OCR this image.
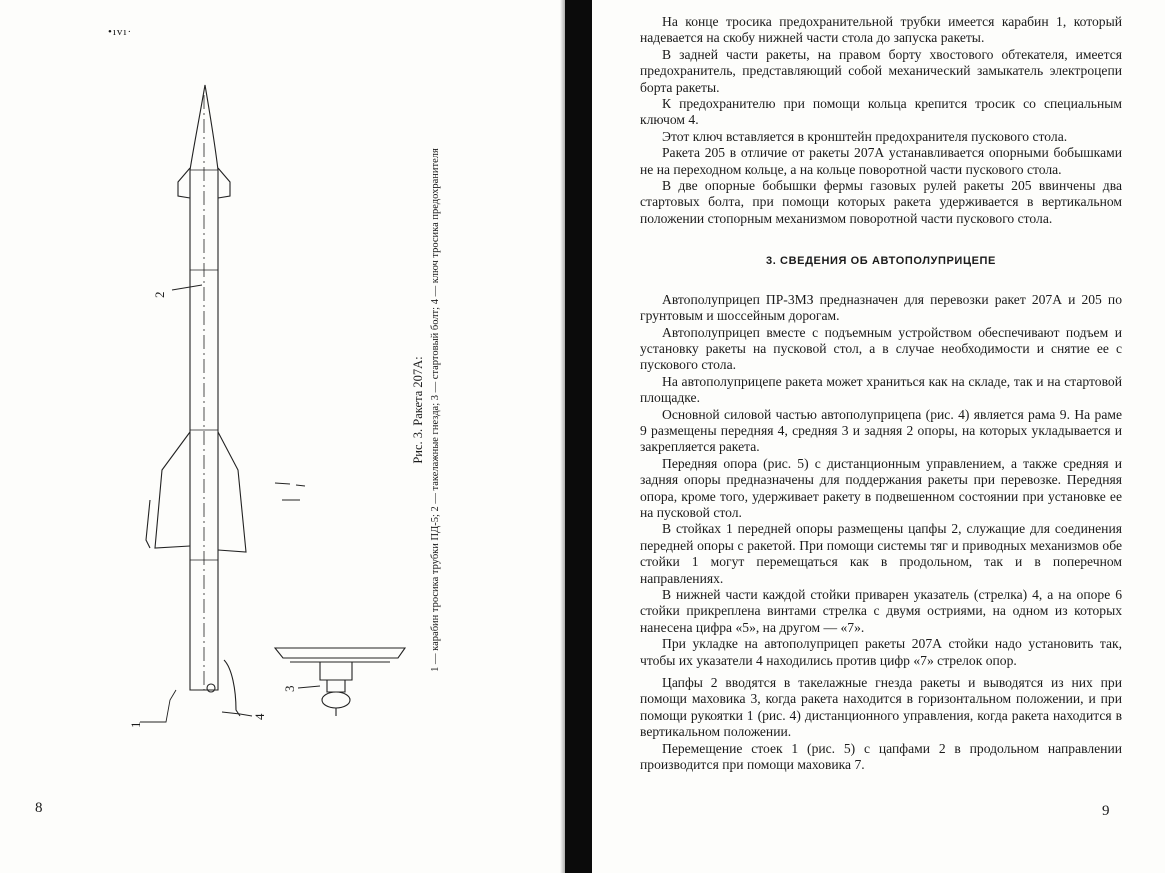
•ıvı·
2
1
4
3
Рис. 3. Ракета 207А: 1 — карабин тросика трубки ПД-5; 2 — такелажные гнезда; 3 — стартовый болт; 4 — ключ тросика предохранителя
8

На конце тросика предохранительной трубки имеется карабин 1, который надевается на скобу нижней части стола до запуска ракеты.

В задней части ракеты, на правом борту хвостового обтекателя, имеется предохранитель, представляющий собой механический замыкатель электроцепи борта ракеты.

К предохранителю при помощи кольца крепится тросик со специальным ключом 4.

Этот ключ вставляется в кронштейн предохранителя пускового стола.

Ракета 205 в отличие от ракеты 207А устанавливается опорными бобышками не на переходном кольце, а на кольце поворотной части пускового стола.

В две опорные бобышки фермы газовых рулей ракеты 205 ввинчены два стартовых болта, при помощи которых ракета удерживается в вертикальном положении стопорным механизмом поворотной части пускового стола.

3. СВЕДЕНИЯ ОБ АВТОПОЛУПРИЦЕПЕ

Автополуприцеп ПР-3МЗ предназначен для перевозки ракет 207А и 205 по грунтовым и шоссейным дорогам.

Автополуприцеп вместе с подъемным устройством обеспечивают подъем и установку ракеты на пусковой стол, а в случае необходимости и снятие ее с пускового стола.

На автополуприцепе ракета может храниться как на складе, так и на стартовой площадке.

Основной силовой частью автополуприцепа (рис. 4) является рама 9. На раме 9 размещены передняя 4, средняя 3 и задняя 2 опоры, на которых укладывается и закрепляется ракета.

Передняя опора (рис. 5) с дистанционным управлением, а также средняя и задняя опоры предназначены для поддержания ракеты при перевозке. Передняя опора, кроме того, удерживает ракету в подвешенном состоянии при установке ее на пусковой стол.

В стойках 1 передней опоры размещены цапфы 2, служащие для соединения передней опоры с ракетой. При помощи системы тяг и приводных механизмов обе стойки 1 могут перемещаться как в продольном, так и в поперечном направлениях.

В нижней части каждой стойки приварен указатель (стрелка) 4, а на опоре 6 стойки прикреплена винтами стрелка с двумя остриями, на одном из которых нанесена цифра «5», на другом — «7».

При укладке на автополуприцеп ракеты 207А стойки надо установить так, чтобы их указатели 4 находились против цифр «7» стрелок опор.

Цапфы 2 вводятся в такелажные гнезда ракеты и выводятся из них при помощи маховика 3, когда ракета находится в горизонтальном положении, и при помощи рукоятки 1 (рис. 4) дистанционного управления, когда ракета находится в вертикальном положении.

Перемещение стоек 1 (рис. 5) с цапфами 2 в продольном направлении производится при помощи маховика 7.

9
